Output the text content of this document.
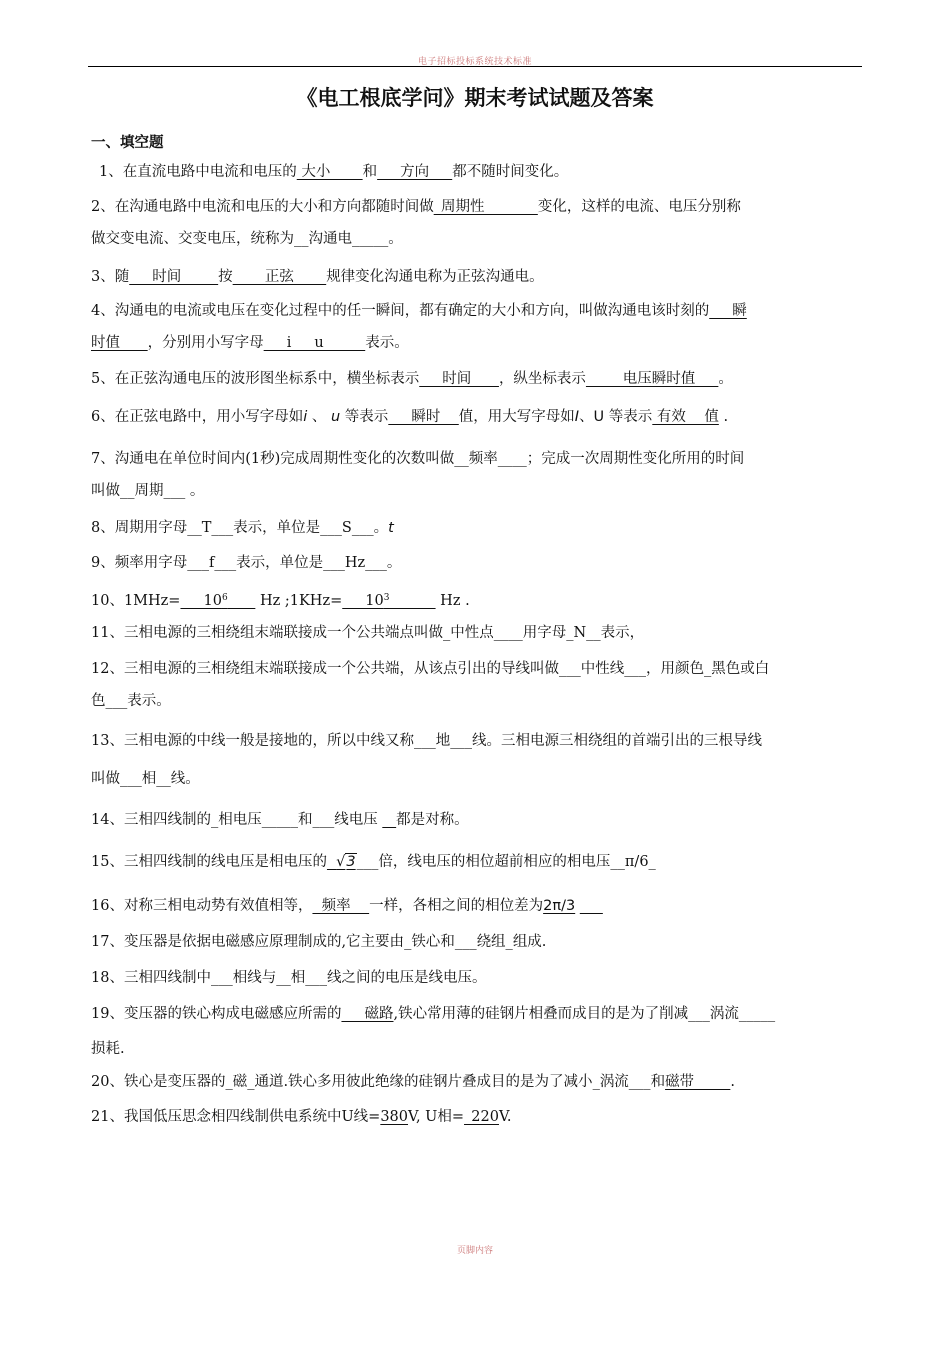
电子招标投标系统技术标准
《电工根底学问》期末考试试题及答案
一、填空题
1、在直流电路中电流和电压的 大小       和     方向     都不随时间变化。
2、在沟通电路中电流和电压的大小和方向都随时间做_周期性_          变化，这样的电流、电压分别称
做交变电流、交变电压，统称为__沟通电_____。
3、随     时间        按       正弦       规律变化沟通电称为正弦沟通电。
4、沟通电的电流或电压在变化过程中的任一瞬间，都有确定的大小和方向，叫做沟通电该时刻的     瞬
时值      ，分别用小写字母     i     u         表示。
5、在正弦沟通电压的波形图坐标系中，横坐标表示     时间      ，纵坐标表示        电压瞬时值     。
6、在正弦电路中，用小写字母如i 、 u 等表示     瞬时    值，用大写字母如I、U 等表示 有效    值 .
7、沟通电在单位时间内(1秒)完成周期性变化的次数叫做__频率____；完成一次周期性变化所用的时间
叫做__周期___ 。
8、周期用字母__T___表示，单位是___S___。t
9、频率用字母___f___表示，单位是___Hz___。
10、1MHz=     $10^6$       Hz ;1KHz=     $10^3$	Hz .
11、三相电源的三相绕组末端联接成一个公共端点叫做_中性点____用字母_N__表示，
12、三相电源的三相绕组末端联接成一个公共端，从该点引出的导线叫做___中性线___，用颜色_黑色或白
色___表示。
13、三相电源的中线一般是接地的，所以中线又称___地___线。三相电源三相绕组的首端引出的三根导线
叫做___相__线。
14、三相四线制的_相电压_____和___线电压    都是对称。
15、三相四线制的线电压是相电压的 √3___倍，线电压的相位超前相应的相电压__π/6_
16、对称三相电动势有效值相等，  频率    一样，各相之间的相位差为2π/3
17、变压器是依据电磁感应原理制成的,它主要由_铁心和___绕组_组成.
18、三相四线制中___相线与__相___线之间的电压是线电压。
19、变压器的铁心构成电磁感应所需的     磁路,铁心常用薄的硅钢片相叠而成目的是为了削减___涡流_____
损耗.
20、铁心是变压器的_磁_通道.铁心多用彼此绝缘的硅钢片叠成目的是为了减小_涡流___和磁带_____.
21、我国低压思念相四线制供电系统中U线=380V, U相=_220V.
页脚内容
